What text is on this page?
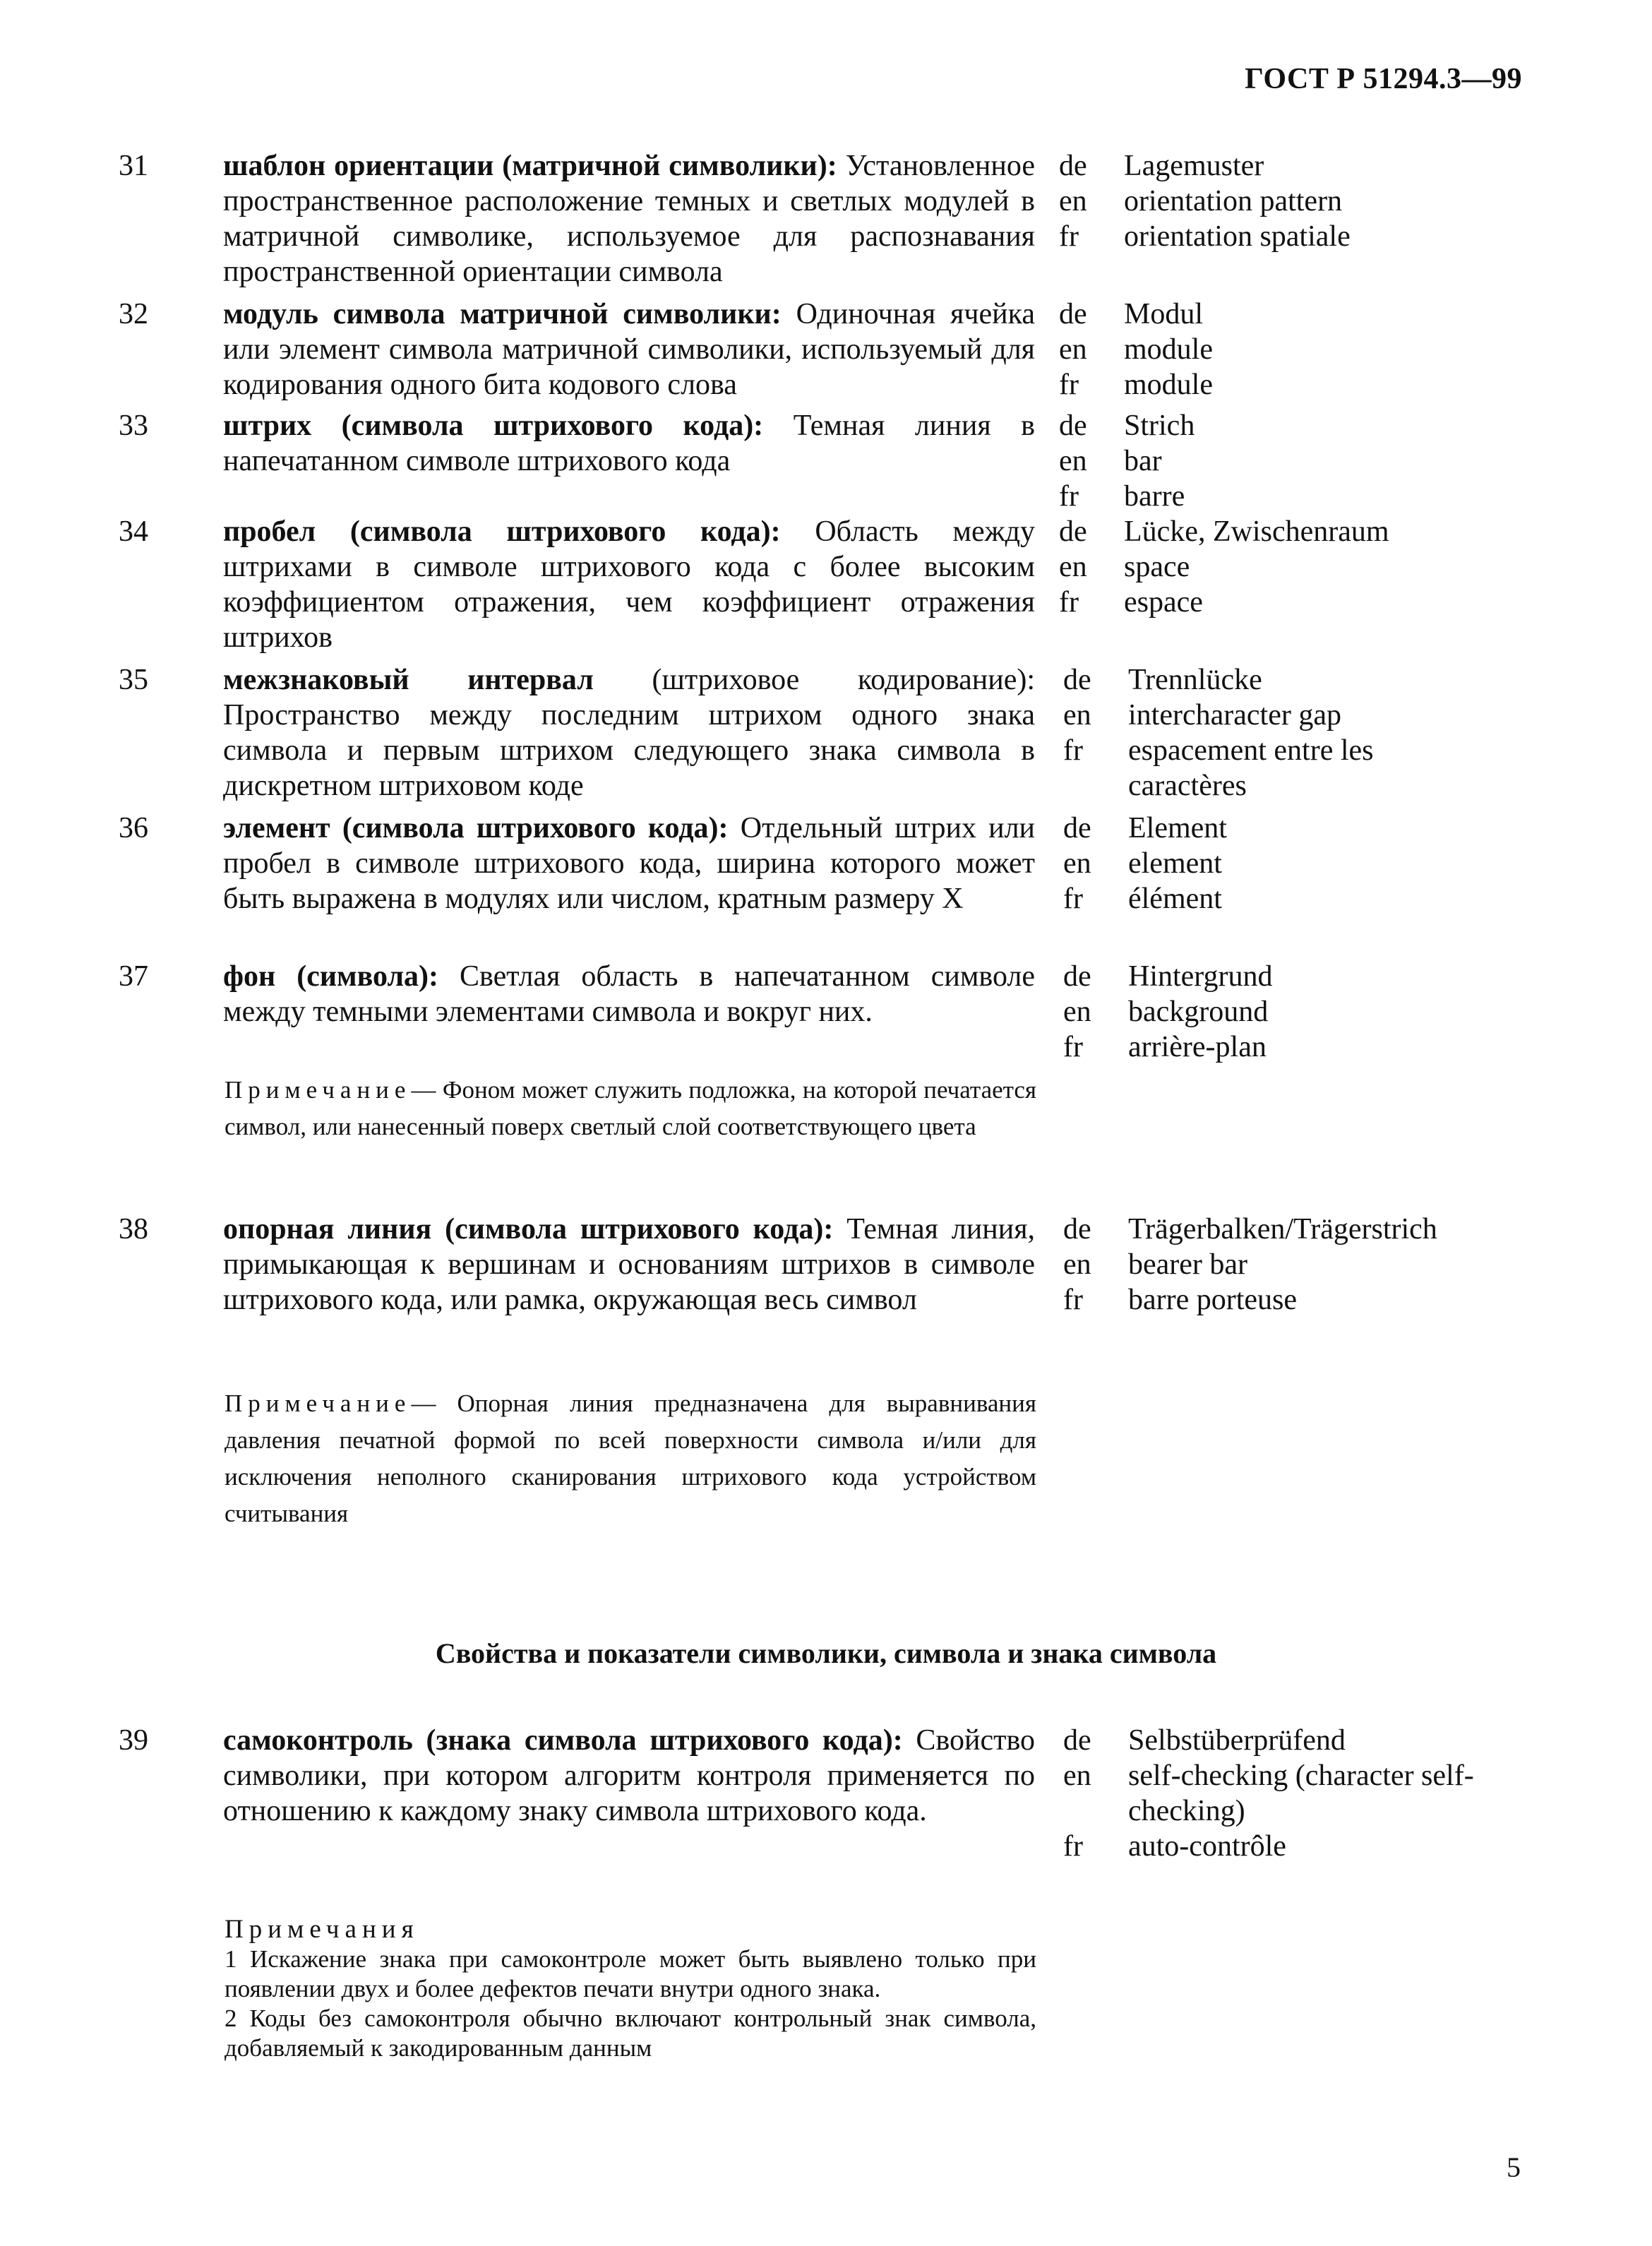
ГОСТ Р 51294.3—99
31	шаблон ориентации (матричной символики): Установленное пространственное расположение темных и светлых модулей в матричной символике, используемое для распознавания пространственной ориентации символа
de	Lagemuster
en	orientation pattern
fr	orientation spatiale
32	модуль символа матричной символики: Одиночная ячейка или элемент символа матричной символики, используемый для кодирования одного бита кодового слова
de	Modul
en	module
fr	module
33	штрих (символа штрихового кода): Темная линия в напечатанном символе штрихового кода
de	Strich
en	bar
fr	barre
34	пробел (символа штрихового кода): Область между штрихами в символе штрихового кода с более высоким коэффициентом отражения, чем коэффициент отражения штрихов
de	Lücke, Zwischenraum
en	space
fr	espace
35	межзнаковый интервал (штриховое кодирование): Пространство между последним штрихом одного знака символа и первым штрихом следующего знака символа в дискретном штриховом коде
de	Trennlücke
en	intercharacter gap
fr	espacement entre les
caractères
36	элемент (символа штрихового кода): Отдельный штрих или пробел в символе штрихового кода, ширина которого может быть выражена в модулях или числом, кратным размеру X
de	Element
en	element
fr	élément
37	фон (символа): Светлая область в напечатанном символе между темными элементами символа и вокруг них.
de	Hintergrund
en	background
fr	arrière-plan
Примечание— Фоном может служить подложка, на которой печатается символ, или нанесенный поверх светлый слой соответствующего цвета
38	опорная линия (символа штрихового кода): Темная линия, примыкающая к вершинам и основаниям штрихов в символе штрихового кода, или рамка, окружающая весь символ
de	Trägerbalken/Trägerstrich
en	bearer bar
fr	barre porteuse
Примечание— Опорная линия предназначена для выравнивания давления печатной формой по всей поверхности символа и/или для исключения неполного сканирования штрихового кода устройством считывания
Свойства и показатели символики, символа и знака символа
39	самоконтроль (знака символа штрихового кода): Свойство символики, при котором алгоритм контроля применяется по отношению к каждому знаку символа штрихового кода.
de	Selbstüberprüfend
en	self-checking (character self-
checking)
fr	auto-contrôle
Примечания
1 Искажение знака при самоконтроле может быть выявлено только при появлении двух и более дефектов печати внутри одного знака.
2 Коды без самоконтроля обычно включают контрольный знак символа, добавляемый к закодированным данным
5
